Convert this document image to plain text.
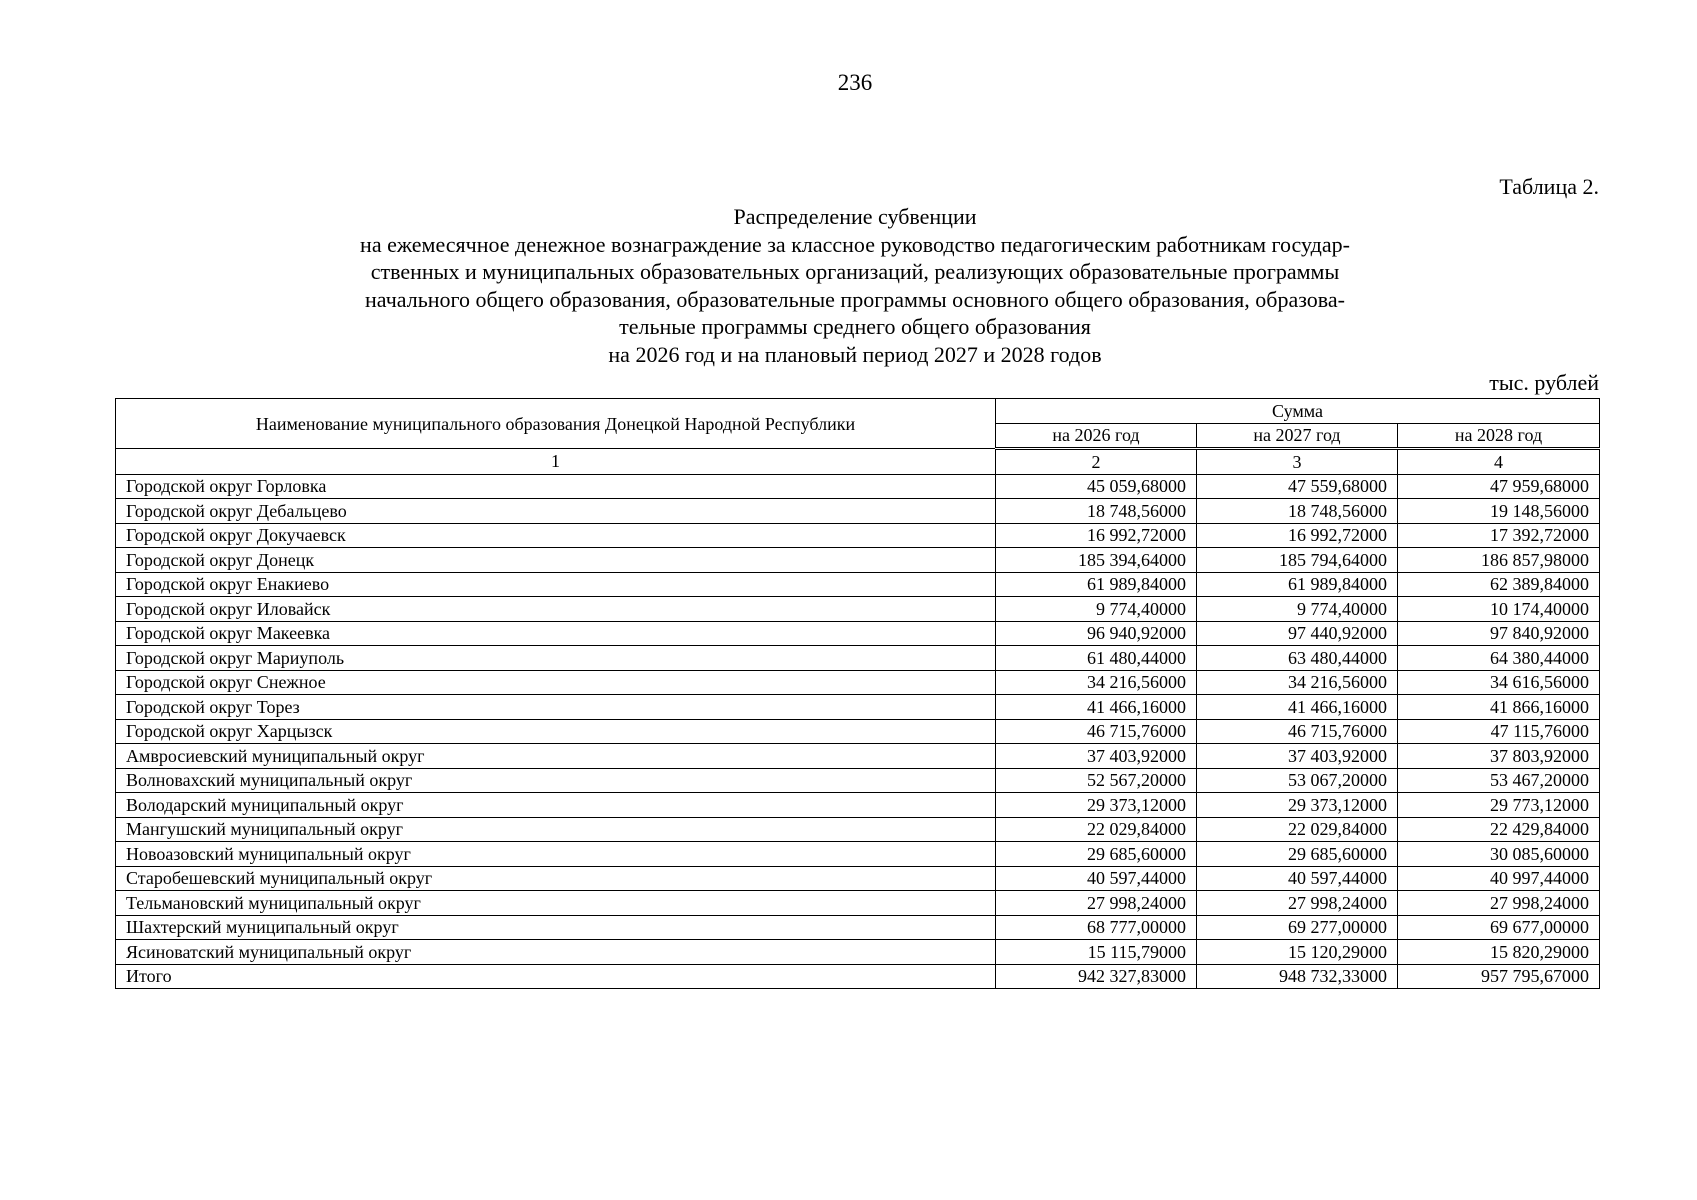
236
Таблица 2.
Распределение субвенции
на ежемесячное денежное вознаграждение за классное руководство педагогическим работникам государ-
ственных и муниципальных образовательных организаций, реализующих образовательные программы
начального общего образования, образовательные программы основного общего образования, образова-
тельные программы среднего общего образования
на 2026 год и на плановый период 2027 и 2028 годов
тыс. рублей
Наименование муниципального образования Донецкой Народной Республики	Сумма		
	на 2026 год	на 2027 год	на 2028 год
1	2	3	4
Городской округ Горловка	45 059,68000	47 559,68000	47 959,68000
Городской округ Дебальцево	18 748,56000	18 748,56000	19 148,56000
Городской округ Докучаевск	16 992,72000	16 992,72000	17 392,72000
Городской округ Донецк	185 394,64000	185 794,64000	186 857,98000
Городской округ Енакиево	61 989,84000	61 989,84000	62 389,84000
Городской округ Иловайск	9 774,40000	9 774,40000	10 174,40000
Городской округ Макеевка	96 940,92000	97 440,92000	97 840,92000
Городской округ Мариуполь	61 480,44000	63 480,44000	64 380,44000
Городской округ Снежное	34 216,56000	34 216,56000	34 616,56000
Городской округ Торез	41 466,16000	41 466,16000	41 866,16000
Городской округ Харцызск	46 715,76000	46 715,76000	47 115,76000
Амвросиевский муниципальный округ	37 403,92000	37 403,92000	37 803,92000
Волновахский муниципальный округ	52 567,20000	53 067,20000	53 467,20000
Володарский муниципальный округ	29 373,12000	29 373,12000	29 773,12000
Мангушский муниципальный округ	22 029,84000	22 029,84000	22 429,84000
Новоазовский муниципальный округ	29 685,60000	29 685,60000	30 085,60000
Старобешевский муниципальный округ	40 597,44000	40 597,44000	40 997,44000
Тельмановский муниципальный округ	27 998,24000	27 998,24000	27 998,24000
Шахтерский муниципальный округ	68 777,00000	69 277,00000	69 677,00000
Ясиноватский муниципальный округ	15 115,79000	15 120,29000	15 820,29000
Итого	942 327,83000	948 732,33000	957 795,67000
